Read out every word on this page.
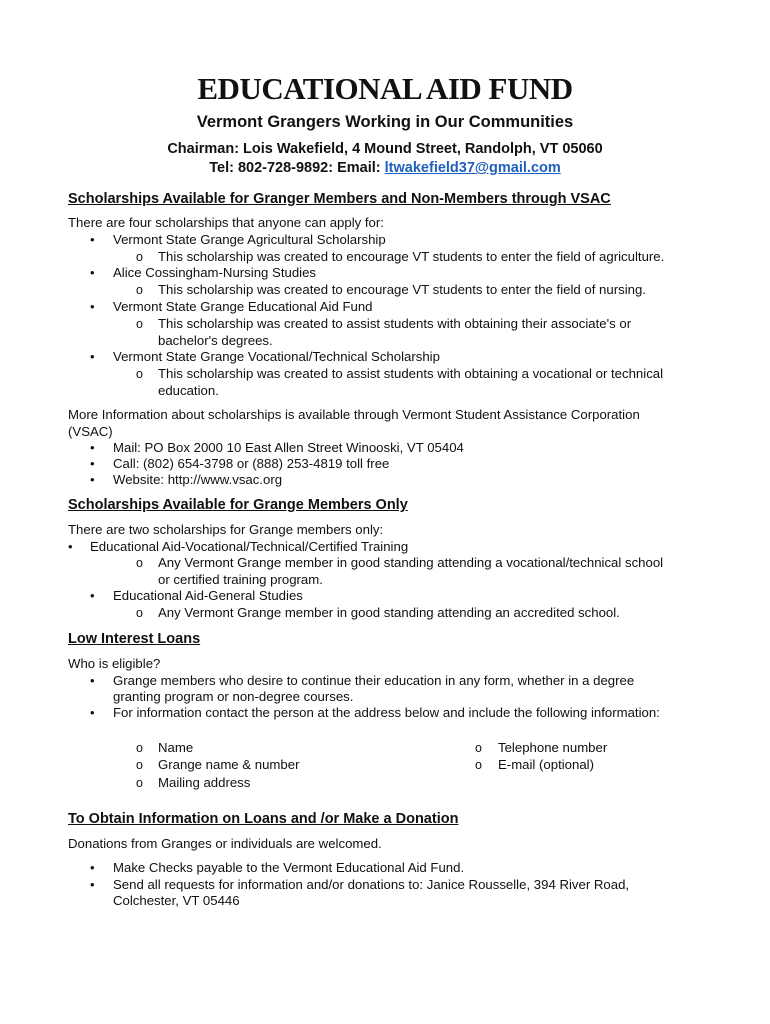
EDUCATIONAL AID FUND
Vermont Grangers Working in Our Communities
Chairman: Lois Wakefield, 4 Mound Street, Randolph, VT 05060
Tel: 802-728-9892: Email: ltwakefield37@gmail.com
Scholarships Available for Granger Members and Non-Members through VSAC
There are four scholarships that anyone can apply for:
• Vermont State Grange Agricultural Scholarship
o This scholarship was created to encourage VT students to enter the field of agriculture.
• Alice Cossingham-Nursing Studies
o This scholarship was created to encourage VT students to enter the field of nursing.
• Vermont State Grange Educational Aid Fund
o This scholarship was created to assist students with obtaining their associate's or
bachelor's degrees.
• Vermont State Grange Vocational/Technical Scholarship
o This scholarship was created to assist students with obtaining a vocational or technical
education.
More Information about scholarships is available through Vermont Student Assistance Corporation
(VSAC)
• Mail: PO Box 2000 10 East Allen Street Winooski, VT 05404
• Call: (802) 654-3798 or (888) 253-4819 toll free
• Website: http://www.vsac.org
Scholarships Available for Grange Members Only
There are two scholarships for Grange members only:
• Educational Aid-Vocational/Technical/Certified Training
o Any Vermont Grange member in good standing attending a vocational/technical school
or certified training program.
• Educational Aid-General Studies
o Any Vermont Grange member in good standing attending an accredited school.
Low Interest Loans
Who is eligible?
• Grange members who desire to continue their education in any form, whether in a degree
granting program or non-degree courses.
• For information contact the person at the address below and include the following information:
o Name
o Grange name & number
o Mailing address
o Telephone number
o E-mail (optional)
To Obtain Information on Loans and /or Make a Donation
Donations from Granges or individuals are welcomed.
• Make Checks payable to the Vermont Educational Aid Fund.
• Send all requests for information and/or donations to: Janice Rousselle, 394 River Road,
Colchester, VT 05446
